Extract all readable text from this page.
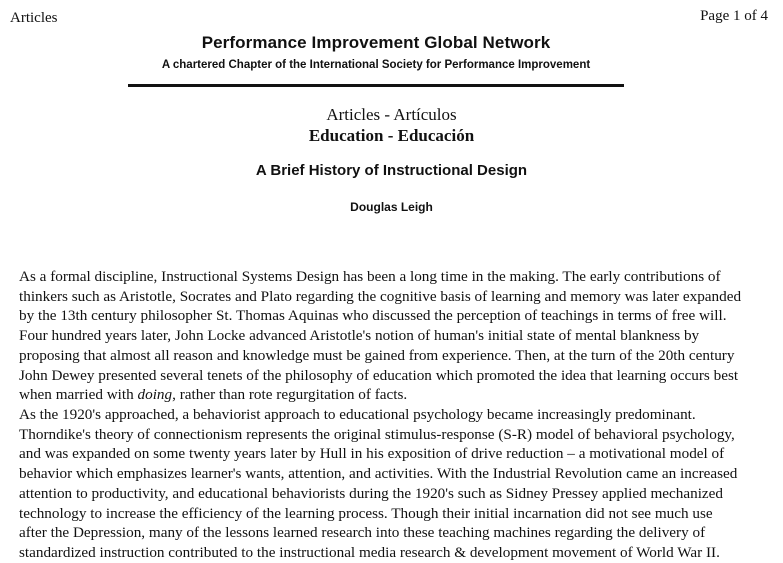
Articles	Page 1 of 4
Performance Improvement Global Network
A chartered Chapter of the International Society for Performance Improvement
Articles - Artículos
Education - Educación
A Brief History of Instructional Design
Douglas Leigh
As a formal discipline, Instructional Systems Design has been a long time in the making. The early contributions of
thinkers such as Aristotle, Socrates and Plato regarding the cognitive basis of learning and memory was later expanded
by the 13th century philosopher St. Thomas Aquinas who discussed the perception of teachings in terms of free will.
Four hundred years later, John Locke advanced Aristotle's notion of human's initial state of mental blankness by
proposing that almost all reason and knowledge must be gained from experience. Then, at the turn of the 20th century
John Dewey presented several tenets of the philosophy of education which promoted the idea that learning occurs best
when married with doing, rather than rote regurgitation of facts.
As the 1920's approached, a behaviorist approach to educational psychology became increasingly predominant.
Thorndike's theory of connectionism represents the original stimulus-response (S-R) model of behavioral psychology,
and was expanded on some twenty years later by Hull in his exposition of drive reduction – a motivational model of
behavior which emphasizes learner's wants, attention, and activities. With the Industrial Revolution came an increased
attention to productivity, and educational behaviorists during the 1920's such as Sidney Pressey applied mechanized
technology to increase the efficiency of the learning process. Though their initial incarnation did not see much use
after the Depression, many of the lessons learned research into these teaching machines regarding the delivery of
standardized instruction contributed to the instructional media research & development movement of World War II.
